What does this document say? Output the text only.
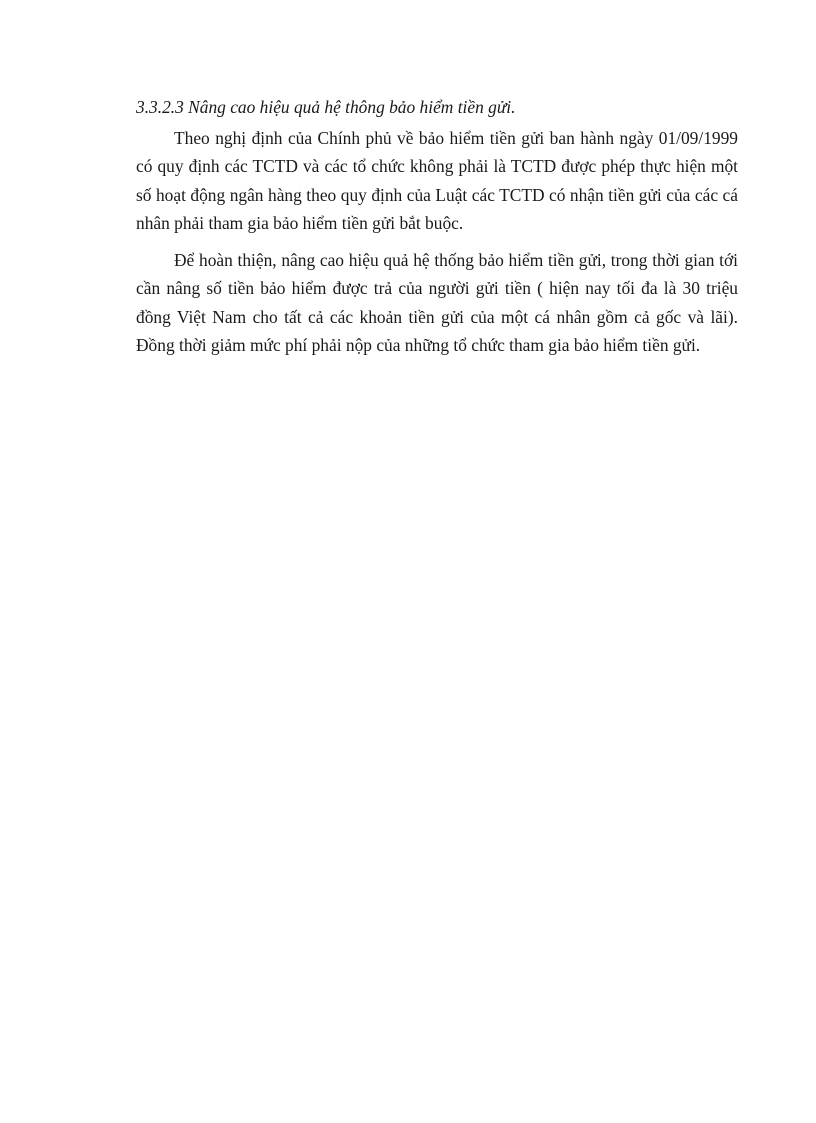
3.3.2.3 Nâng cao hiệu quả hệ thông bảo hiểm tiền gửi.

Theo nghị định của Chính phủ về bảo hiểm tiền gửi ban hành ngày 01/09/1999 có quy định các TCTD và các tổ chức không phải là TCTD được phép thực hiện một số hoạt động ngân hàng theo quy định của Luật các TCTD có nhận tiền gửi của các cá nhân phải tham gia bảo hiểm tiền gửi bắt buộc.

Để hoàn thiện, nâng cao hiệu quả hệ thống bảo hiểm tiền gửi, trong thời gian tới cần nâng số tiền bảo hiểm được trả của người gửi tiền ( hiện nay tối đa là 30 triệu đồng Việt Nam cho tất cả các khoản tiền gửi của một cá nhân gồm cả gốc và lãi). Đồng thời giảm mức phí phải nộp của những tổ chức tham gia bảo hiểm tiền gửi.
